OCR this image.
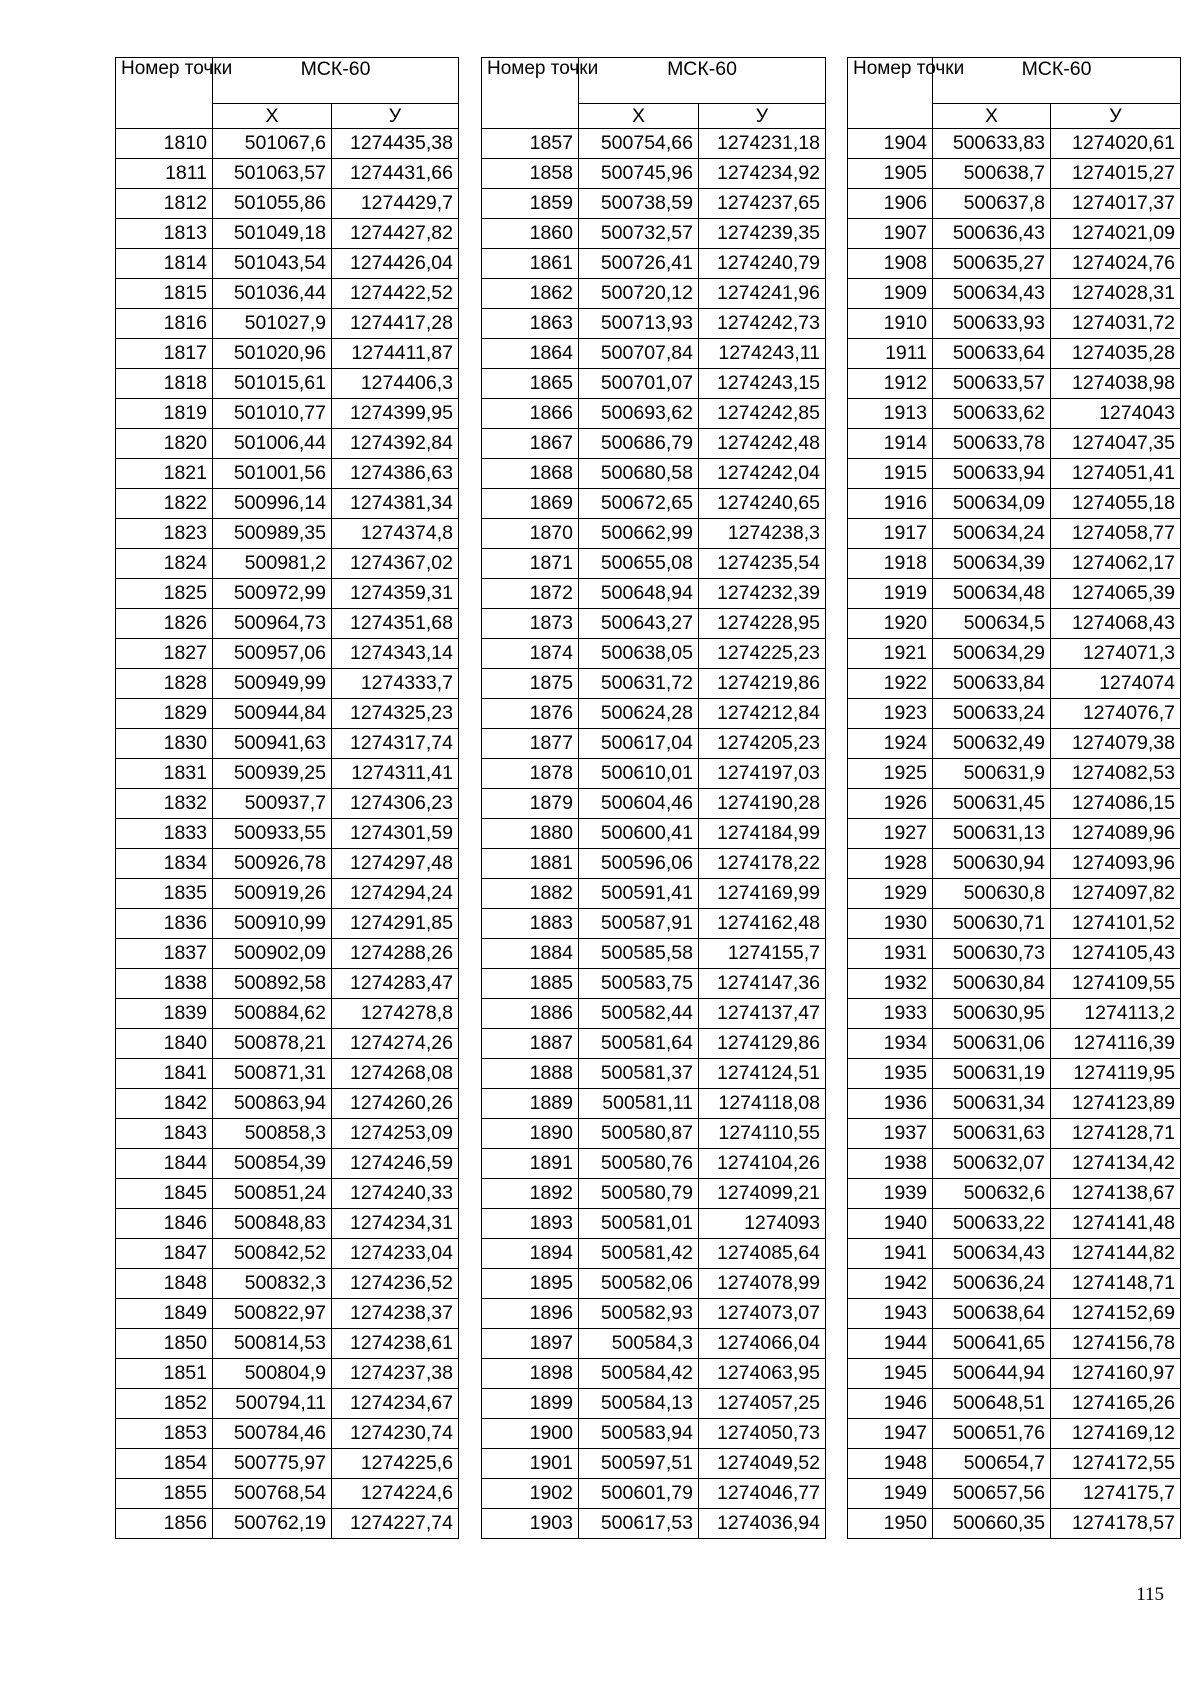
Номер точки	МСК-60	
	Х	У
1810	501067,6	1274435,38
1811	501063,57	1274431,66
1812	501055,86	1274429,7
1813	501049,18	1274427,82
1814	501043,54	1274426,04
1815	501036,44	1274422,52
1816	501027,9	1274417,28
1817	501020,96	1274411,87
1818	501015,61	1274406,3
1819	501010,77	1274399,95
1820	501006,44	1274392,84
1821	501001,56	1274386,63
1822	500996,14	1274381,34
1823	500989,35	1274374,8
1824	500981,2	1274367,02
1825	500972,99	1274359,31
1826	500964,73	1274351,68
1827	500957,06	1274343,14
1828	500949,99	1274333,7
1829	500944,84	1274325,23
1830	500941,63	1274317,74
1831	500939,25	1274311,41
1832	500937,7	1274306,23
1833	500933,55	1274301,59
1834	500926,78	1274297,48
1835	500919,26	1274294,24
1836	500910,99	1274291,85
1837	500902,09	1274288,26
1838	500892,58	1274283,47
1839	500884,62	1274278,8
1840	500878,21	1274274,26
1841	500871,31	1274268,08
1842	500863,94	1274260,26
1843	500858,3	1274253,09
1844	500854,39	1274246,59
1845	500851,24	1274240,33
1846	500848,83	1274234,31
1847	500842,52	1274233,04
1848	500832,3	1274236,52
1849	500822,97	1274238,37
1850	500814,53	1274238,61
1851	500804,9	1274237,38
1852	500794,11	1274234,67
1853	500784,46	1274230,74
1854	500775,97	1274225,6
1855	500768,54	1274224,6
1856	500762,19	1274227,74
Номер точки	МСК-60	
	Х	У
1857	500754,66	1274231,18
1858	500745,96	1274234,92
1859	500738,59	1274237,65
1860	500732,57	1274239,35
1861	500726,41	1274240,79
1862	500720,12	1274241,96
1863	500713,93	1274242,73
1864	500707,84	1274243,11
1865	500701,07	1274243,15
1866	500693,62	1274242,85
1867	500686,79	1274242,48
1868	500680,58	1274242,04
1869	500672,65	1274240,65
1870	500662,99	1274238,3
1871	500655,08	1274235,54
1872	500648,94	1274232,39
1873	500643,27	1274228,95
1874	500638,05	1274225,23
1875	500631,72	1274219,86
1876	500624,28	1274212,84
1877	500617,04	1274205,23
1878	500610,01	1274197,03
1879	500604,46	1274190,28
1880	500600,41	1274184,99
1881	500596,06	1274178,22
1882	500591,41	1274169,99
1883	500587,91	1274162,48
1884	500585,58	1274155,7
1885	500583,75	1274147,36
1886	500582,44	1274137,47
1887	500581,64	1274129,86
1888	500581,37	1274124,51
1889	500581,11	1274118,08
1890	500580,87	1274110,55
1891	500580,76	1274104,26
1892	500580,79	1274099,21
1893	500581,01	1274093
1894	500581,42	1274085,64
1895	500582,06	1274078,99
1896	500582,93	1274073,07
1897	500584,3	1274066,04
1898	500584,42	1274063,95
1899	500584,13	1274057,25
1900	500583,94	1274050,73
1901	500597,51	1274049,52
1902	500601,79	1274046,77
1903	500617,53	1274036,94
Номер точки	МСК-60	
	Х	У
1904	500633,83	1274020,61
1905	500638,7	1274015,27
1906	500637,8	1274017,37
1907	500636,43	1274021,09
1908	500635,27	1274024,76
1909	500634,43	1274028,31
1910	500633,93	1274031,72
1911	500633,64	1274035,28
1912	500633,57	1274038,98
1913	500633,62	1274043
1914	500633,78	1274047,35
1915	500633,94	1274051,41
1916	500634,09	1274055,18
1917	500634,24	1274058,77
1918	500634,39	1274062,17
1919	500634,48	1274065,39
1920	500634,5	1274068,43
1921	500634,29	1274071,3
1922	500633,84	1274074
1923	500633,24	1274076,7
1924	500632,49	1274079,38
1925	500631,9	1274082,53
1926	500631,45	1274086,15
1927	500631,13	1274089,96
1928	500630,94	1274093,96
1929	500630,8	1274097,82
1930	500630,71	1274101,52
1931	500630,73	1274105,43
1932	500630,84	1274109,55
1933	500630,95	1274113,2
1934	500631,06	1274116,39
1935	500631,19	1274119,95
1936	500631,34	1274123,89
1937	500631,63	1274128,71
1938	500632,07	1274134,42
1939	500632,6	1274138,67
1940	500633,22	1274141,48
1941	500634,43	1274144,82
1942	500636,24	1274148,71
1943	500638,64	1274152,69
1944	500641,65	1274156,78
1945	500644,94	1274160,97
1946	500648,51	1274165,26
1947	500651,76	1274169,12
1948	500654,7	1274172,55
1949	500657,56	1274175,7
1950	500660,35	1274178,57
115
